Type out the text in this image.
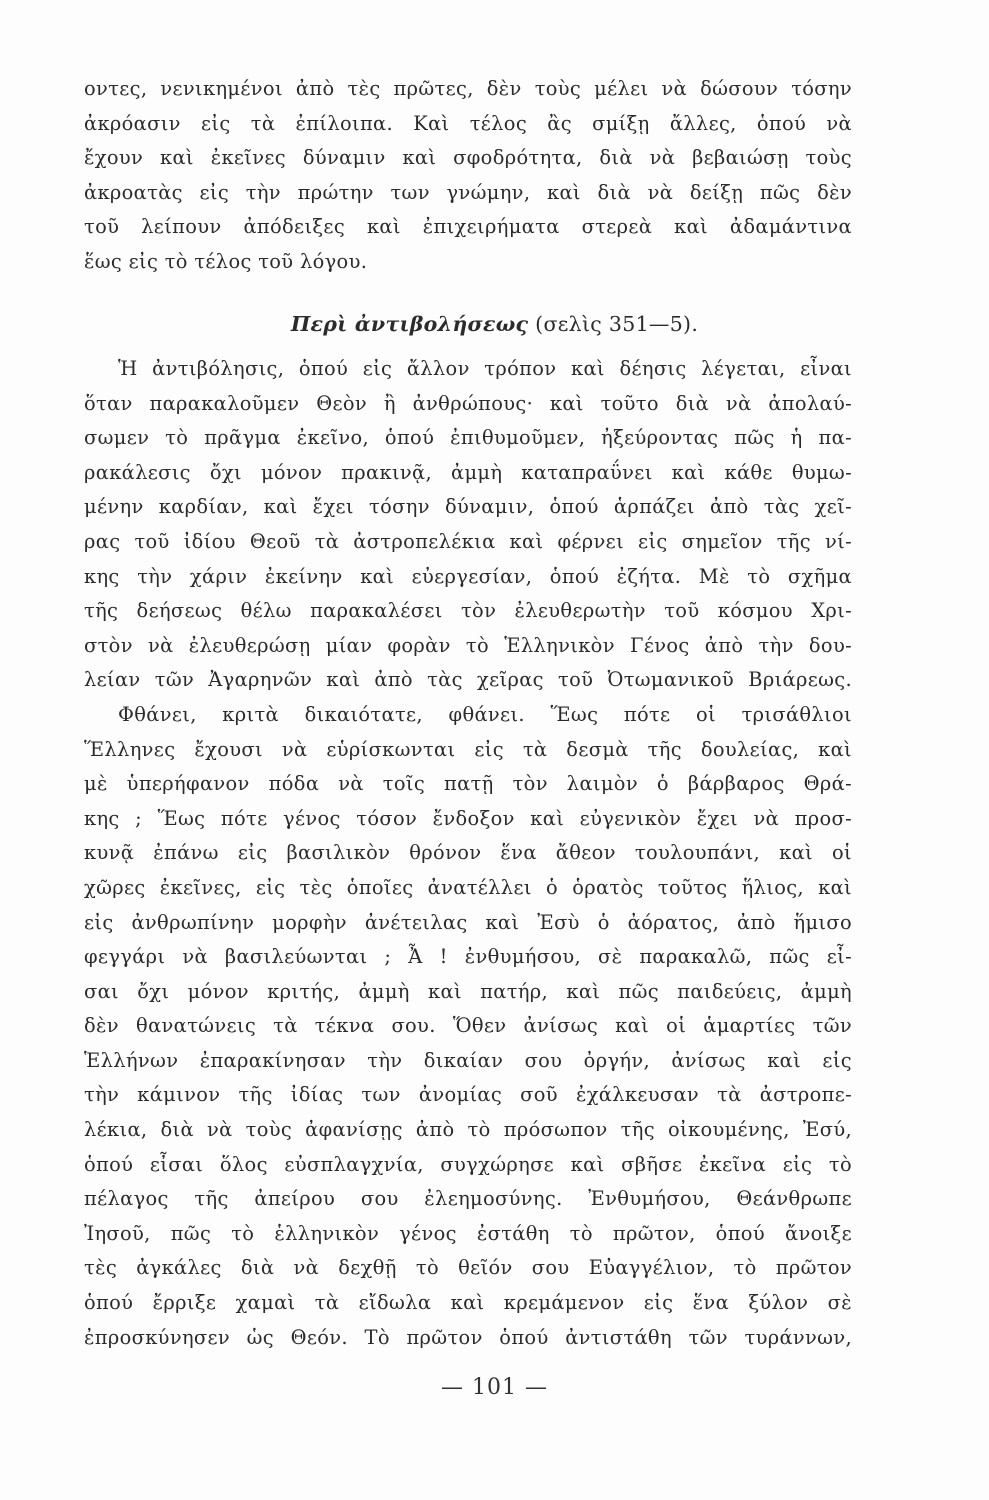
οντες, νενικημένοι ἀπὸ τὲς πρῶτες, δὲν τοὺς μέλει νὰ δώσουν τόσην
ἀκρόασιν εἰς τὰ ἐπίλοιπα. Καὶ τέλος ἂς σμίξῃ ἄλλες, ὁπού νὰ
ἔχουν καὶ ἐκεῖνες δύναμιν καὶ σφοδρότητα, διὰ νὰ βεβαιώσῃ τοὺς
ἀκροατὰς εἰς τὴν πρώτην των γνώμην, καὶ διὰ νὰ δείξῃ πῶς δὲν
τοῦ λείπουν ἀπόδειξες καὶ ἐπιχειρήματα στερεὰ καὶ ἀδαμάντινα
ἕως εἰς τὸ τέλος τοῦ λόγου.
Περὶ ἀντιβολήσεως (σελὶς 351—5).
Ἡ ἀντιβόλησις, ὁπού εἰς ἄλλον τρόπον καὶ δέησις λέγεται, εἶναι
ὅταν παρακαλοῦμεν Θεὸν ἢ ἀνθρώπους· καὶ τοῦτο διὰ νὰ ἀπολαύ-
σωμεν τὸ πρᾶγμα ἐκεῖνο, ὁπού ἐπιθυμοῦμεν, ἠξεύροντας πῶς ἡ πα-
ρακάλεσις ὄχι μόνον πρακινᾷ, ἀμμὴ καταπραΰνει καὶ κάθε θυμω-
μένην καρδίαν, καὶ ἔχει τόσην δύναμιν, ὁπού ἁρπάζει ἀπὸ τὰς χεῖ-
ρας τοῦ ἰδίου Θεοῦ τὰ ἀστροπελέκια καὶ φέρνει εἰς σημεῖον τῆς νί-
κης τὴν χάριν ἐκείνην καὶ εὐεργεσίαν, ὁπού ἐζήτα. Μὲ τὸ σχῆμα
τῆς δεήσεως θέλω παρακαλέσει τὸν ἐλευθερωτὴν τοῦ κόσμου Χρι-
στὸν νὰ ἐλευθερώσῃ μίαν φορὰν τὸ Ἑλληνικὸν Γένος ἀπὸ τὴν δου-
λείαν τῶν Ἀγαρηνῶν καὶ ἀπὸ τὰς χεῖρας τοῦ Ὀτωμανικοῦ Βριάρεως.
Φθάνει, κριτὰ δικαιότατε, φθάνει. Ἕως πότε οἱ τρισάθλιοι
Ἕλληνες ἔχουσι νὰ εὑρίσκωνται εἰς τὰ δεσμὰ τῆς δουλείας, καὶ
μὲ ὑπερήφανον πόδα νὰ τοῖς πατῇ τὸν λαιμὸν ὁ βάρβαρος Θρά-
κης ; Ἕως πότε γένος τόσον ἔνδοξον καὶ εὐγενικὸν ἔχει νὰ προσ-
κυνᾷ ἐπάνω εἰς βασιλικὸν θρόνον ἕνα ἄθεον τουλουπάνι, καὶ οἱ
χῶρες ἐκεῖνες, εἰς τὲς ὁποῖες ἀνατέλλει ὁ ὁρατὸς τοῦτος ἥλιος, καὶ
εἰς ἀνθρωπίνην μορφὴν ἀνέτειλας καὶ Ἐσὺ ὁ ἀόρατος, ἀπὸ ἥμισο
φεγγάρι νὰ βασιλεύωνται ; Ἆ ! ἐνθυμήσου, σὲ παρακαλῶ, πῶς εἶ-
σαι ὄχι μόνον κριτής, ἀμμὴ καὶ πατήρ, καὶ πῶς παιδεύεις, ἀμμὴ
δὲν θανατώνεις τὰ τέκνα σου. Ὅθεν ἀνίσως καὶ οἱ ἁμαρτίες τῶν
Ἑλλήνων ἐπαρακίνησαν τὴν δικαίαν σου ὀργήν, ἀνίσως καὶ εἰς
τὴν κάμινον τῆς ἰδίας των ἀνομίας σοῦ ἐχάλκευσαν τὰ ἀστροπε-
λέκια, διὰ νὰ τοὺς ἀφανίσῃς ἀπὸ τὸ πρόσωπον τῆς οἰκουμένης, Ἐσύ,
ὁπού εἶσαι ὅλος εὐσπλαγχνία, συγχώρησε καὶ σβῆσε ἐκεῖνα εἰς τὸ
πέλαγος τῆς ἀπείρου σου ἐλεημοσύνης. Ἐνθυμήσου, Θεάνθρωπε
Ἰησοῦ, πῶς τὸ ἑλληνικὸν γένος ἐστάθη τὸ πρῶτον, ὁπού ἄνοιξε
τὲς ἀγκάλες διὰ νὰ δεχθῇ τὸ θεῖόν σου Εὐαγγέλιον, τὸ πρῶτον
ὁπού ἔρριξε χαμαὶ τὰ εἴδωλα καὶ κρεμάμενον εἰς ἕνα ξύλον σὲ
ἐπροσκύνησεν ὡς Θεόν. Τὸ πρῶτον ὁπού ἀντιστάθη τῶν τυράννων,
— 101 —
